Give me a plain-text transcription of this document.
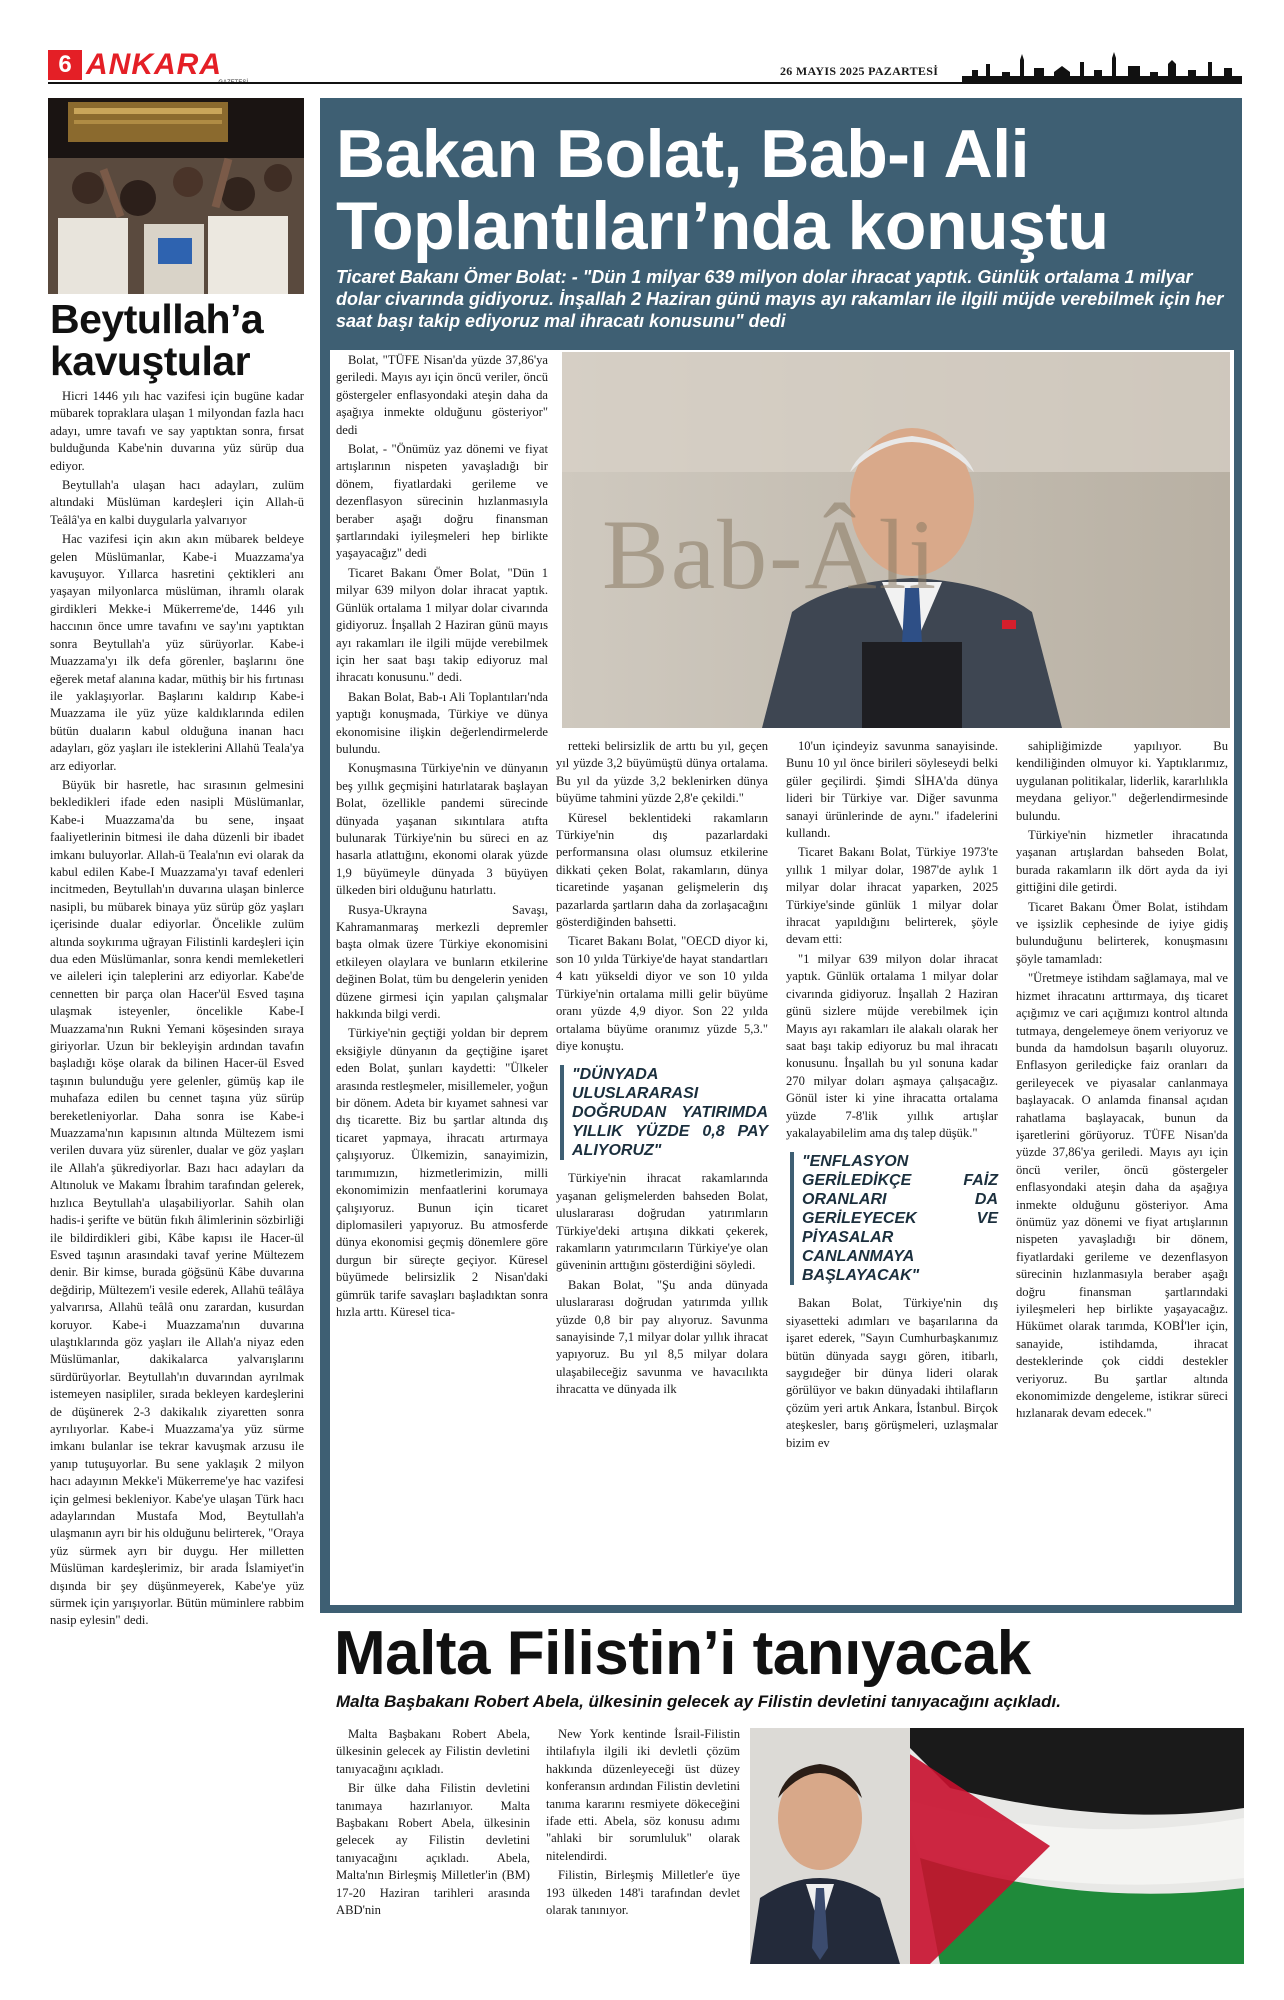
6 ANKARA	26 MAYIS 2025 PAZARTESİ
Beytullah’a
kavuştular

Hicri 1446 yılı hac vazifesi için bugüne kadar mübarek topraklara ulaşan 1 milyondan fazla hacı adayı, umre tavafı ve say yaptıktan sonra, fırsat bulduğunda Kabe'nin duvarına yüz sürüp dua ediyor.

Beytullah'a ulaşan hacı adayları, zulüm altındaki Müslüman kardeşleri için Allah-ü Teâlâ'ya en kalbi duygularla yalvarıyor

Hac vazifesi için akın akın mübarek beldeye gelen Müslümanlar, Kabe-i Muazzama'ya kavuşuyor. Yıllarca hasretini çektikleri anı yaşayan milyonlarca müslüman, ihramlı olarak girdikleri Mekke-i Mükerreme'de, 1446 yılı haccının önce umre tavafını ve say'ını yaptıktan sonra Beytullah'a yüz sürüyorlar. Kabe-i Muazzama'yı ilk defa görenler, başlarını öne eğerek metaf alanına kadar, müthiş bir his fırtınası ile yaklaşıyorlar. Başlarını kaldırıp Kabe-i Muazzama ile yüz yüze kaldıklarında edilen bütün duaların kabul olduğuna inanan hacı adayları, göz yaşları ile isteklerini Allahü Teala'ya arz ediyorlar.

Büyük bir hasretle, hac sırasının gelmesini bekledikleri ifade eden nasipli Müslümanlar, Kabe-i Muazzama'da bu sene, inşaat faaliyetlerinin bitmesi ile daha düzenli bir ibadet imkanı buluyorlar. Allah-ü Teala'nın evi olarak da kabul edilen Kabe-I Muazzama'yı tavaf edenleri incitmeden, Beytullah'ın duvarına ulaşan binlerce nasipli, bu mübarek binaya yüz sürüp göz yaşları içerisinde dualar ediyorlar. Öncelikle zulüm altında soykırıma uğrayan Filistinli kardeşleri için dua eden Müslümanlar, sonra kendi memleketleri ve aileleri için taleplerini arz ediyorlar. Kabe'de cennetten bir parça olan Hacer'ül Esved taşına ulaşmak isteyenler, öncelikle Kabe-I Muazzama'nın Rukni Yemani köşesinden sıraya giriyorlar. Uzun bir bekleyişin ardından tavafın başladığı köşe olarak da bilinen Hacer-ül Esved taşının bulunduğu yere gelenler, gümüş kap ile muhafaza edilen bu cennet taşına yüz sürüp bereketleniyorlar. Daha sonra ise Kabe-i Muazzama'nın kapısının altında Mültezem ismi verilen duvara yüz sürenler, dualar ve göz yaşları ile Allah'a şükrediyorlar. Bazı hacı adayları da Altınoluk ve Makamı İbrahim tarafından gelerek, hızlıca Beytullah'a ulaşabiliyorlar. Sahih olan hadis-i şerifte ve bütün fıkıh âlimlerinin sözbirliği ile bildirdikleri gibi, Kâbe kapısı ile Hacer-ül Esved taşının arasındaki tavaf yerine Mültezem denir. Bir kimse, burada göğsünü Kâbe duvarına değdirip, Mültezem'i vesile ederek, Allahü teâlâya yalvarırsa, Allahü teâlâ onu zarardan, kusurdan koruyor. Kabe-i Muazzama'nın duvarına ulaştıklarında göz yaşları ile Allah'a niyaz eden Müslümanlar, dakikalarca yalvarışlarını sürdürüyorlar. Beytullah'ın duvarından ayrılmak istemeyen nasipliler, sırada bekleyen kardeşlerini de düşünerek 2-3 dakikalık ziyaretten sonra ayrılıyorlar. Kabe-i Muazzama'ya yüz sürme imkanı bulanlar ise tekrar kavuşmak arzusu ile yanıp tutuşuyorlar. Bu sene yaklaşık 2 milyon hacı adayının Mekke'i Mükerreme'ye hac vazifesi için gelmesi bekleniyor. Kabe'ye ulaşan Türk hacı adaylarından Mustafa Mod, Beytullah'a ulaşmanın ayrı bir his olduğunu belirterek, "Oraya yüz sürmek ayrı bir duygu. Her milletten Müslüman kardeşlerimiz, bir arada İslamiyet'in dışında bir şey düşünmeyerek, Kabe'ye yüz sürmek için yarışıyorlar. Bütün müminlere rabbim nasip eylesin" dedi.

Bakan Bolat, Bab-ı Ali
Toplantıları’nda konuştu
Ticaret Bakanı Ömer Bolat: - "Dün 1 milyar 639 milyon dolar ihracat yaptık. Günlük ortalama 1 milyar dolar civarında gidiyoruz. İnşallah 2 Haziran günü mayıs ayı rakamları ile ilgili müjde verebilmek için her saat başı takip ediyoruz mal ihracatı konusunu" dedi

Bolat, "TÜFE Nisan'da yüzde 37,86'ya geriledi. Mayıs ayı için öncü veriler, öncü göstergeler enflasyondaki ateşin daha da aşağıya inmekte olduğunu gösteriyor" dedi

Bolat, - "Önümüz yaz dönemi ve fiyat artışlarının nispeten yavaşladığı bir dönem, fiyatlardaki gerileme ve dezenflasyon sürecinin hızlanmasıyla beraber aşağı doğru finansman şartlarındaki iyileşmeleri hep birlikte yaşayacağız" dedi

Ticaret Bakanı Ömer Bolat, "Dün 1 milyar 639 milyon dolar ihracat yaptık. Günlük ortalama 1 milyar dolar civarında gidiyoruz. İnşallah 2 Haziran günü mayıs ayı rakamları ile ilgili müjde verebilmek için her saat başı takip ediyoruz mal ihracatı konusunu." dedi.

Bakan Bolat, Bab-ı Ali Toplantıları'nda yaptığı konuşmada, Türkiye ve dünya ekonomisine ilişkin değerlendirmelerde bulundu.

Konuşmasına Türkiye'nin ve dünyanın beş yıllık geçmişini hatırlatarak başlayan Bolat, özellikle pandemi sürecinde dünyada yaşanan sıkıntılara atıfta bulunarak Türkiye'nin bu süreci en az hasarla atlattığını, ekonomi olarak yüzde 1,9 büyümeyle dünyada 3 büyüyen ülkeden biri olduğunu hatırlattı.

Rusya-Ukrayna Savaşı, Kahramanmaraş merkezli depremler başta olmak üzere Türkiye ekonomisini etkileyen olaylara ve bunların etkilerine değinen Bolat, tüm bu dengelerin yeniden düzene girmesi için yapılan çalışmalar hakkında bilgi verdi.

Türkiye'nin geçtiği yoldan bir deprem eksiğiyle dünyanın da geçtiğine işaret eden Bolat, şunları kaydetti: "Ülkeler arasında restleşmeler, misillemeler, yoğun bir dönem. Adeta bir kıyamet sahnesi var dış ticarette. Biz bu şartlar altında dış ticaret yapmaya, ihracatı artırmaya çalışıyoruz. Ülkemizin, sanayimizin, tarımımızın, hizmetlerimizin, milli ekonomimizin menfaatlerini korumaya çalışıyoruz. Bunun için ticaret diplomasileri yapıyoruz. Bu atmosferde dünya ekonomisi geçmiş dönemlere göre durgun bir süreçte geçiyor. Küresel büyümede belirsizlik 2 Nisan'daki gümrük tarife savaşları başladıktan sonra hızla arttı. Küresel tica-

Bab-Âli

retteki belirsizlik de arttı bu yıl, geçen yıl yüzde 3,2 büyümüştü dünya ortalama. Bu yıl da yüzde 3,2 beklenirken dünya büyüme tahmini yüzde 2,8'e çekildi."

Küresel beklentideki rakamların Türkiye'nin dış pazarlardaki performansına olası olumsuz etkilerine dikkati çeken Bolat, rakamların, dünya ticaretinde yaşanan gelişmelerin dış pazarlarda şartların daha da zorlaşacağını gösterdiğinden bahsetti.

Ticaret Bakanı Bolat, "OECD diyor ki, son 10 yılda Türkiye'de hayat standartları 4 katı yükseldi diyor ve son 10 yılda Türkiye'nin ortalama milli gelir büyüme oranı yüzde 4,9 diyor. Son 22 yılda ortalama büyüme oranımız yüzde 5,3." diye konuştu.

"DÜNYADA ULUSLARARASI DOĞRUDAN YATIRIMDA YILLIK YÜZDE 0,8 PAY ALIYORUZ"

Türkiye'nin ihracat rakamlarında yaşanan gelişmelerden bahseden Bolat, uluslararası doğrudan yatırımların Türkiye'deki artışına dikkati çekerek, rakamların yatırımcıların Türkiye'ye olan güveninin arttığını gösterdiğini söyledi.

Bakan Bolat, "Şu anda dünyada uluslararası doğrudan yatırımda yıllık yüzde 0,8 bir pay alıyoruz. Savunma sanayisinde 7,1 milyar dolar yıllık ihracat yapıyoruz. Bu yıl 8,5 milyar dolara ulaşabileceğiz savunma ve havacılıkta ihracatta ve dünyada ilk

10'un içindeyiz savunma sanayisinde. Bunu 10 yıl önce birileri söyleseydi belki güler geçilirdi. Şimdi SİHA'da dünya lideri bir Türkiye var. Diğer savunma sanayi ürünlerinde de aynı." ifadelerini kullandı.

Ticaret Bakanı Bolat, Türkiye 1973'te yıllık 1 milyar dolar, 1987'de aylık 1 milyar dolar ihracat yaparken, 2025 Türkiye'sinde günlük 1 milyar dolar ihracat yapıldığını belirterek, şöyle devam etti:

"1 milyar 639 milyon dolar ihracat yaptık. Günlük ortalama 1 milyar dolar civarında gidiyoruz. İnşallah 2 Haziran günü sizlere müjde verebilmek için Mayıs ayı rakamları ile alakalı olarak her saat başı takip ediyoruz bu mal ihracatı konusunu. İnşallah bu yıl sonuna kadar 270 milyar doları aşmaya çalışacağız. Gönül ister ki yine ihracatta ortalama yüzde 7-8'lik yıllık artışlar yakalayabilelim ama dış talep düşük."

"ENFLASYON GERİLEDİKÇE FAİZ ORANLARI DA GERİLEYECEK VE PİYASALAR CANLANMAYA BAŞLAYACAK"

Bakan Bolat, Türkiye'nin dış siyasetteki adımları ve başarılarına da işaret ederek, "Sayın Cumhurbaşkanımız bütün dünyada saygı gören, itibarlı, saygıdeğer bir dünya lideri olarak görülüyor ve bakın dünyadaki ihtilafların çözüm yeri artık Ankara, İstanbul. Birçok ateşkesler, barış görüşmeleri, uzlaşmalar bizim ev

sahipliğimizde yapılıyor. Bu kendiliğinden olmuyor ki. Yaptıklarımız, uygulanan politikalar, liderlik, kararlılıkla meydana geliyor." değerlendirmesinde bulundu.

Türkiye'nin hizmetler ihracatında yaşanan artışlardan bahseden Bolat, burada rakamların ilk dört ayda da iyi gittiğini dile getirdi.

Ticaret Bakanı Ömer Bolat, istihdam ve işsizlik cephesinde de iyiye gidiş bulunduğunu belirterek, konuşmasını şöyle tamamladı:

"Üretmeye istihdam sağlamaya, mal ve hizmet ihracatını arttırmaya, dış ticaret açığımız ve cari açığımızı kontrol altında tutmaya, dengelemeye önem veriyoruz ve bunda da hamdolsun başarılı oluyoruz. Enflasyon gerilediçke faiz oranları da gerileyecek ve piyasalar canlanmaya başlayacak. O anlamda finansal açıdan rahatlama başlayacak, bunun da işaretlerini görüyoruz. TÜFE Nisan'da yüzde 37,86'ya geriledi. Mayıs ayı için öncü veriler, öncü göstergeler enflasyondaki ateşin daha da aşağıya inmekte olduğunu gösteriyor. Ama önümüz yaz dönemi ve fiyat artışlarının nispeten yavaşladığı bir dönem, fiyatlardaki gerileme ve dezenflasyon sürecinin hızlanmasıyla beraber aşağı doğru finansman şartlarındaki iyileşmeleri hep birlikte yaşayacağız. Hükümet olarak tarımda, KOBİ'ler için, sanayide, istihdamda, ihracat desteklerinde çok ciddi destekler veriyoruz. Bu şartlar altında ekonomimizde dengeleme, istikrar süreci hızlanarak devam edecek."

Malta Filistin’i tanıyacak
Malta Başbakanı Robert Abela, ülkesinin gelecek ay Filistin devletini tanıyacağını açıkladı.

Malta Başbakanı Robert Abela, ülkesinin gelecek ay Filistin devletini tanıyacağını açıkladı.

Bir ülke daha Filistin devletini tanımaya hazırlanıyor. Malta Başbakanı Robert Abela, ülkesinin gelecek ay Filistin devletini tanıyacağını açıkladı. Abela, Malta'nın Birleşmiş Milletler'in (BM) 17-20 Haziran tarihleri arasında ABD'nin

New York kentinde İsrail-Filistin ihtilafıyla ilgili iki devletli çözüm hakkında düzenleyeceği üst düzey konferansın ardından Filistin devletini tanıma kararını resmiyete dökeceğini ifade etti. Abela, söz konusu adımı "ahlaki bir sorumluluk" olarak nitelendirdi.

Filistin, Birleşmiş Milletler'e üye 193 ülkeden 148'i tarafından devlet olarak tanınıyor.
